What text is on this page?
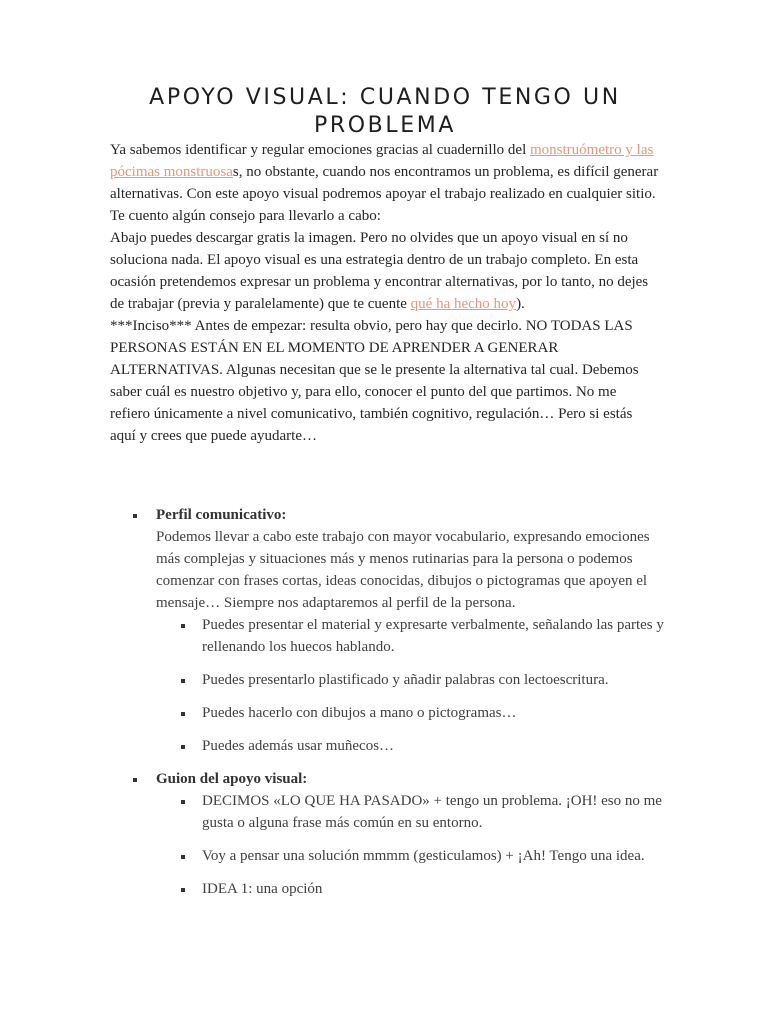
APOYO VISUAL: CUANDO TENGO UN PROBLEMA

Ya sabemos identificar y regular emociones gracias al cuadernillo del monstruómetro y las pócimas monstruosas, no obstante, cuando nos encontramos un problema, es difícil generar alternativas. Con este apoyo visual podremos apoyar el trabajo realizado en cualquier sitio. Te cuento algún consejo para llevarlo a cabo:

Abajo puedes descargar gratis la imagen. Pero no olvides que un apoyo visual en sí no soluciona nada. El apoyo visual es una estrategia dentro de un trabajo completo. En esta ocasión pretendemos expresar un problema y encontrar alternativas, por lo tanto, no dejes de trabajar (previa y paralelamente) que te cuente qué ha hecho hoy).

***Inciso*** Antes de empezar: resulta obvio, pero hay que decirlo. NO TODAS LAS PERSONAS ESTÁN EN EL MOMENTO DE APRENDER A GENERAR ALTERNATIVAS. Algunas necesitan que se le presente la alternativa tal cual. Debemos saber cuál es nuestro objetivo y, para ello, conocer el punto del que partimos. No me refiero únicamente a nivel comunicativo, también cognitivo, regulación… Pero si estás aquí y crees que puede ayudarte…

Perfil comunicativo:
Podemos llevar a cabo este trabajo con mayor vocabulario, expresando emociones más complejas y situaciones más y menos rutinarias para la persona o podemos comenzar con frases cortas, ideas conocidas, dibujos o pictogramas que apoyen el mensaje… Siempre nos adaptaremos al perfil de la persona.
Puedes presentar el material y expresarte verbalmente, señalando las partes y rellenando los huecos hablando.
Puedes presentarlo plastificado y añadir palabras con lectoescritura.
Puedes hacerlo con dibujos a mano o pictogramas…
Puedes además usar muñecos…
Guion del apoyo visual:
DECIMOS «LO QUE HA PASADO» + tengo un problema. ¡OH! eso no me gusta o alguna frase más común en su entorno.
Voy a pensar una solución mmmm (gesticulamos) + ¡Ah! Tengo una idea.
IDEA 1: una opción
